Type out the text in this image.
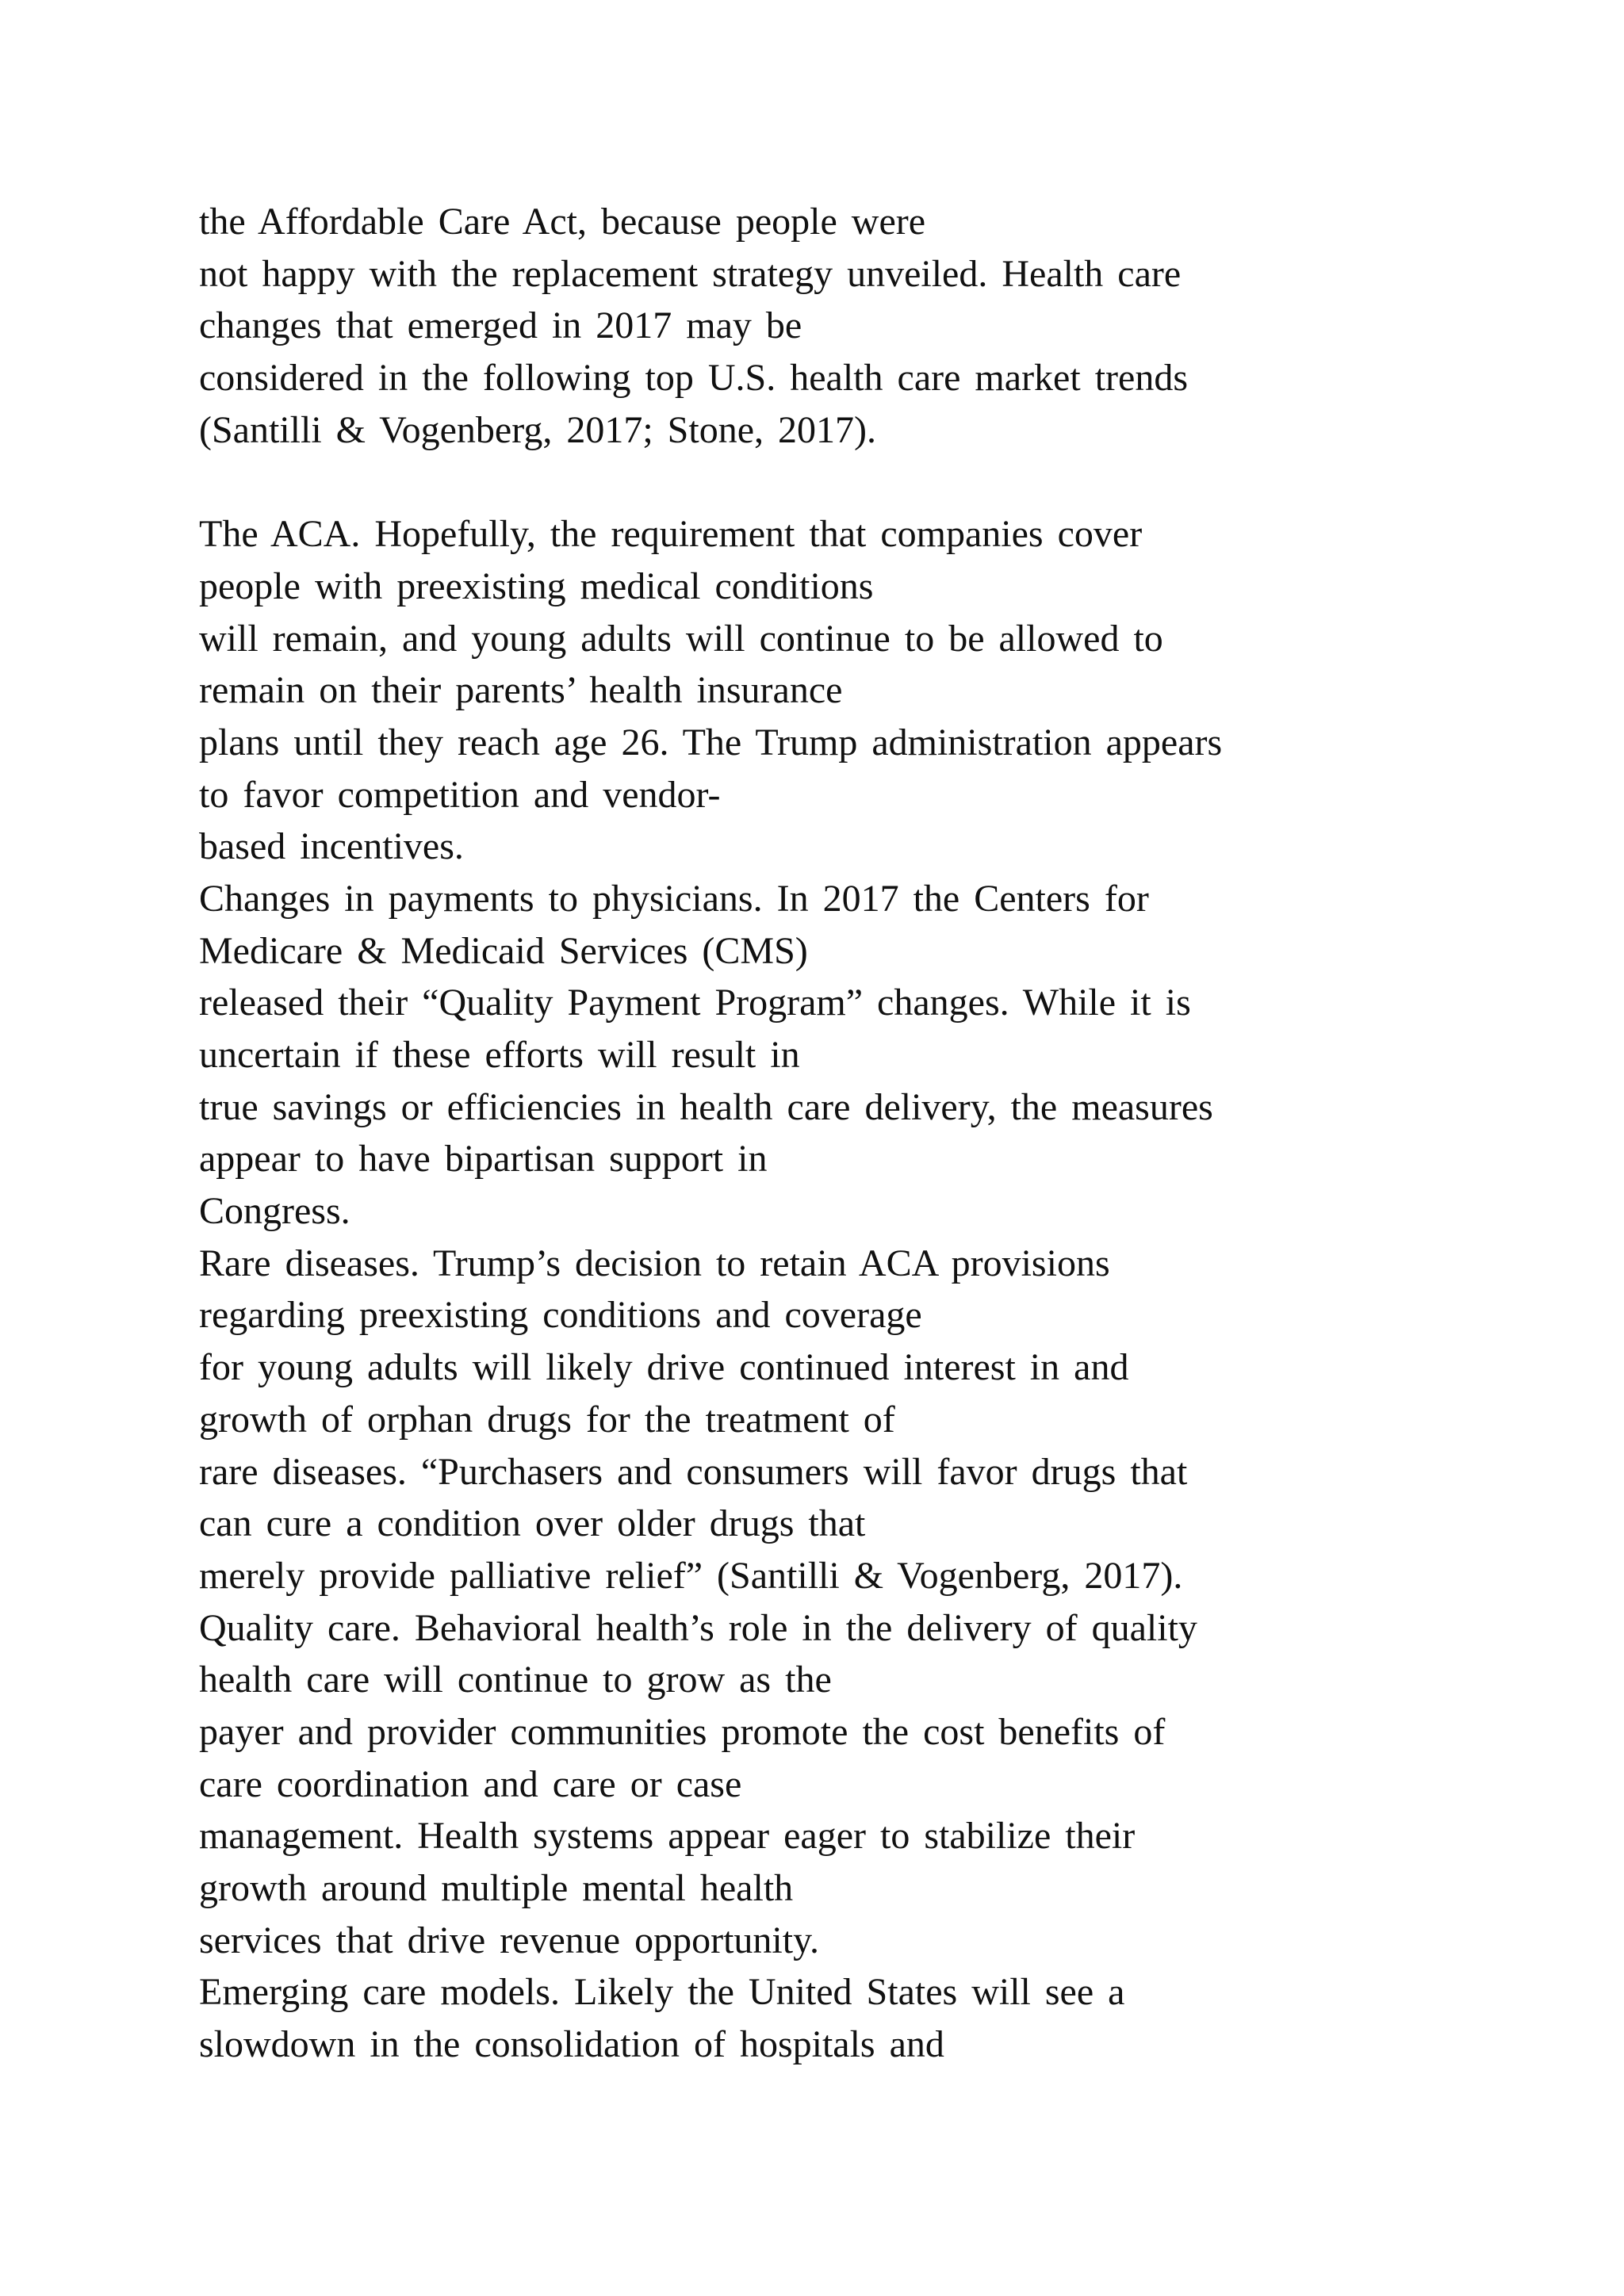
the Affordable Care Act, because people were
not happy with the replacement strategy unveiled. Health care
changes that emerged in 2017 may be
considered in the following top U.S. health care market trends
(Santilli & Vogenberg, 2017; Stone, 2017).
The ACA. Hopefully, the requirement that companies cover
people with preexisting medical conditions
will remain, and young adults will continue to be allowed to
remain on their parents’ health insurance
plans until they reach age 26. The Trump administration appears
to favor competition and vendor-
based incentives.
Changes in payments to physicians. In 2017 the Centers for
Medicare & Medicaid Services (CMS)
released their “Quality Payment Program” changes. While it is
uncertain if these efforts will result in
true savings or efficiencies in health care delivery, the measures
appear to have bipartisan support in
Congress.
Rare diseases. Trump’s decision to retain ACA provisions
regarding preexisting conditions and coverage
for young adults will likely drive continued interest in and
growth of orphan drugs for the treatment of
rare diseases. “Purchasers and consumers will favor drugs that
can cure a condition over older drugs that
merely provide palliative relief” (Santilli & Vogenberg, 2017).
Quality care. Behavioral health’s role in the delivery of quality
health care will continue to grow as the
payer and provider communities promote the cost benefits of
care coordination and care or case
management. Health systems appear eager to stabilize their
growth around multiple mental health
services that drive revenue opportunity.
Emerging care models. Likely the United States will see a
slowdown in the consolidation of hospitals and
